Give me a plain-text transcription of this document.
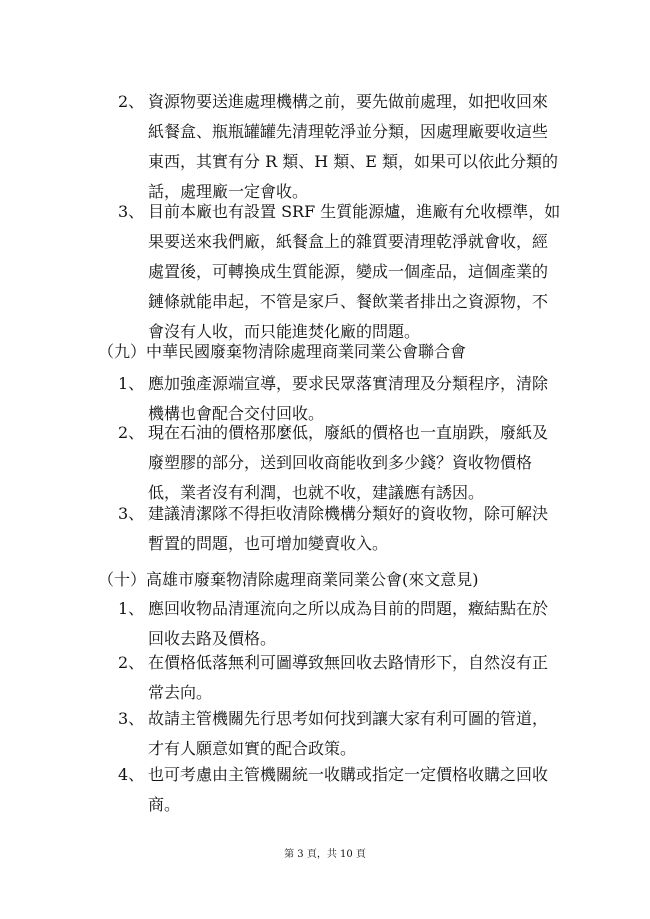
2、 資源物要送進處理機構之前，要先做前處理，如把收回來
紙餐盒、瓶瓶罐罐先清理乾淨並分類，因處理廠要收這些
東西，其實有分 R 類、H 類、E 類，如果可以依此分類的
話，處理廠一定會收。
3、 目前本廠也有設置 SRF 生質能源爐，進廠有允收標準，如
果要送來我們廠，紙餐盒上的雜質要清理乾淨就會收，經
處置後，可轉換成生質能源，變成一個產品，這個產業的
鏈條就能串起，不管是家戶、餐飲業者排出之資源物，不
會沒有人收，而只能進焚化廠的問題。
（九） 中華民國廢棄物清除處理商業同業公會聯合會
1、 應加強產源端宣導，要求民眾落實清理及分類程序，清除
機構也會配合交付回收。
2、 現在石油的價格那麼低，廢紙的價格也一直崩跌，廢紙及
廢塑膠的部分，送到回收商能收到多少錢？資收物價格
低，業者沒有利潤，也就不收，建議應有誘因。
3、 建議清潔隊不得拒收清除機構分類好的資收物，除可解決
暫置的問題，也可增加變賣收入。
（十） 高雄市廢棄物清除處理商業同業公會(來文意見)
1、 應回收物品清運流向之所以成為目前的問題，癥結點在於
回收去路及價格。
2、 在價格低落無利可圖導致無回收去路情形下，自然沒有正
常去向。
3、 故請主管機關先行思考如何找到讓大家有利可圖的管道，
才有人願意如實的配合政策。
4、 也可考慮由主管機關統一收購或指定一定價格收購之回收
商。
第 3 頁，共 10 頁
